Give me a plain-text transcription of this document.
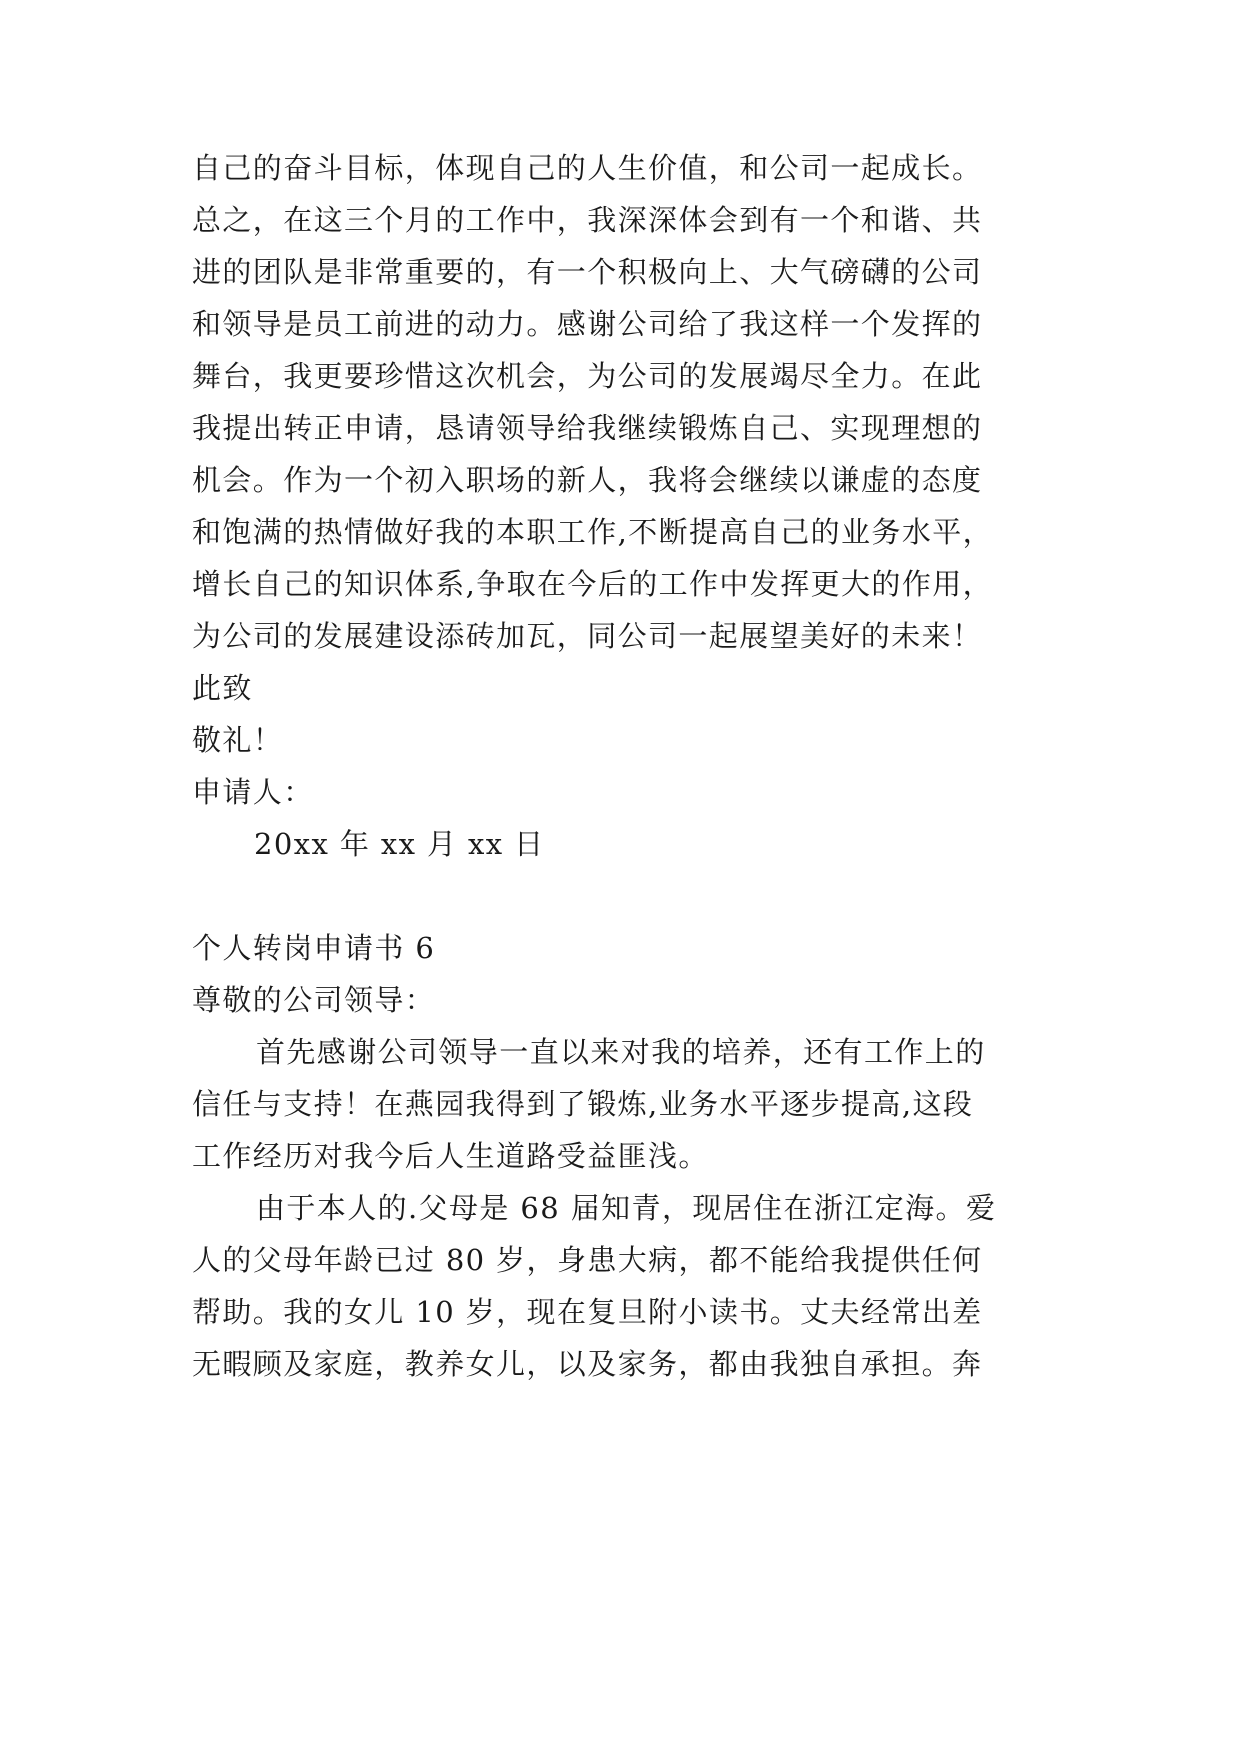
自己的奋斗目标，体现自己的人生价值，和公司一起成长。
总之，在这三个月的工作中，我深深体会到有一个和谐、共
进的团队是非常重要的，有一个积极向上、大气磅礴的公司
和领导是员工前进的动力。感谢公司给了我这样一个发挥的
舞台，我更要珍惜这次机会，为公司的发展竭尽全力。在此
我提出转正申请，恳请领导给我继续锻炼自己、实现理想的
机会。作为一个初入职场的新人，我将会继续以谦虚的态度
和饱满的热情做好我的本职工作,不断提高自己的业务水平，
增长自己的知识体系,争取在今后的工作中发挥更大的作用，
为公司的发展建设添砖加瓦，同公司一起展望美好的未来！
此致
敬礼！
申请人：
20xx 年 xx 月 xx 日
个人转岗申请书 6
尊敬的公司领导：
首先感谢公司领导一直以来对我的培养，还有工作上的
信任与支持！在燕园我得到了锻炼,业务水平逐步提高,这段
工作经历对我今后人生道路受益匪浅。
由于本人的.父母是 68 届知青，现居住在浙江定海。爱
人的父母年龄已过 80 岁，身患大病，都不能给我提供任何
帮助。我的女儿 10 岁，现在复旦附小读书。丈夫经常出差
无暇顾及家庭，教养女儿，以及家务，都由我独自承担。奔
